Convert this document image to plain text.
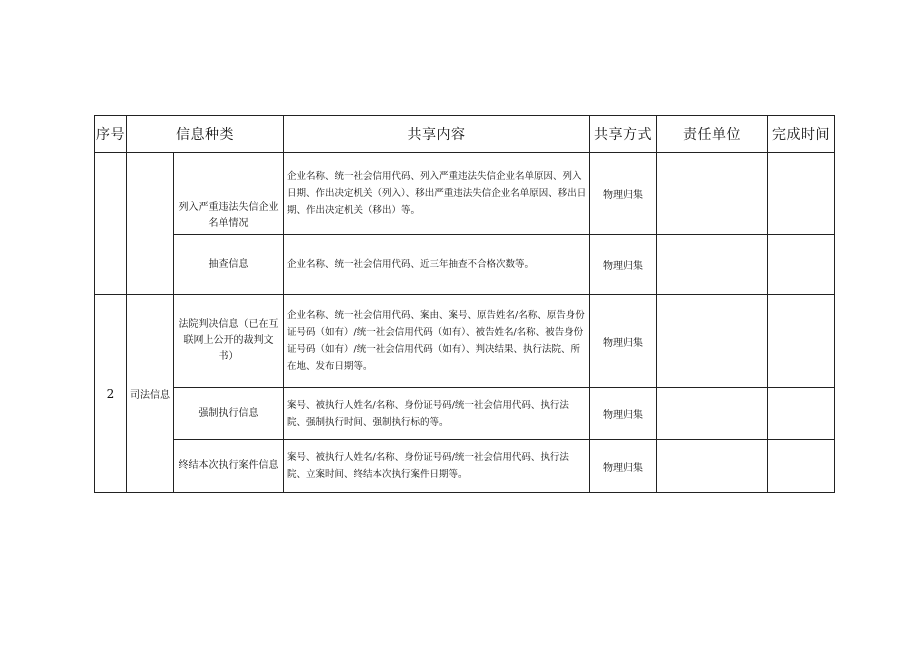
序号	信息种类		共享内容	共享方式	责任单位	完成时间
		列入严重违法失信企业名单情况	企业名称、统一社会信用代码、列入严重违法失信企业名单原因、列入日期、作出决定机关（列入）、移出严重违法失信企业名单原因、移出日期、作出决定机关（移出）等。	物理归集		
		抽查信息	企业名称、统一社会信用代码、近三年抽查不合格次数等。	物理归集		
2	司法信息	法院判决信息（已在互联网上公开的裁判文书）	企业名称、统一社会信用代码、案由、案号、原告姓名/名称、原告身份证号码（如有）/统一社会信用代码（如有）、被告姓名/名称、被告身份证号码（如有）/统一社会信用代码（如有）、判决结果、执行法院、所在地、发布日期等。	物理归集		
		强制执行信息	案号、被执行人姓名/名称、身份证号码/统一社会信用代码、执行法院、强制执行时间、强制执行标的等。	物理归集		
		终结本次执行案件信息	案号、被执行人姓名/名称、身份证号码/统一社会信用代码、执行法院、立案时间、终结本次执行案件日期等。	物理归集		
